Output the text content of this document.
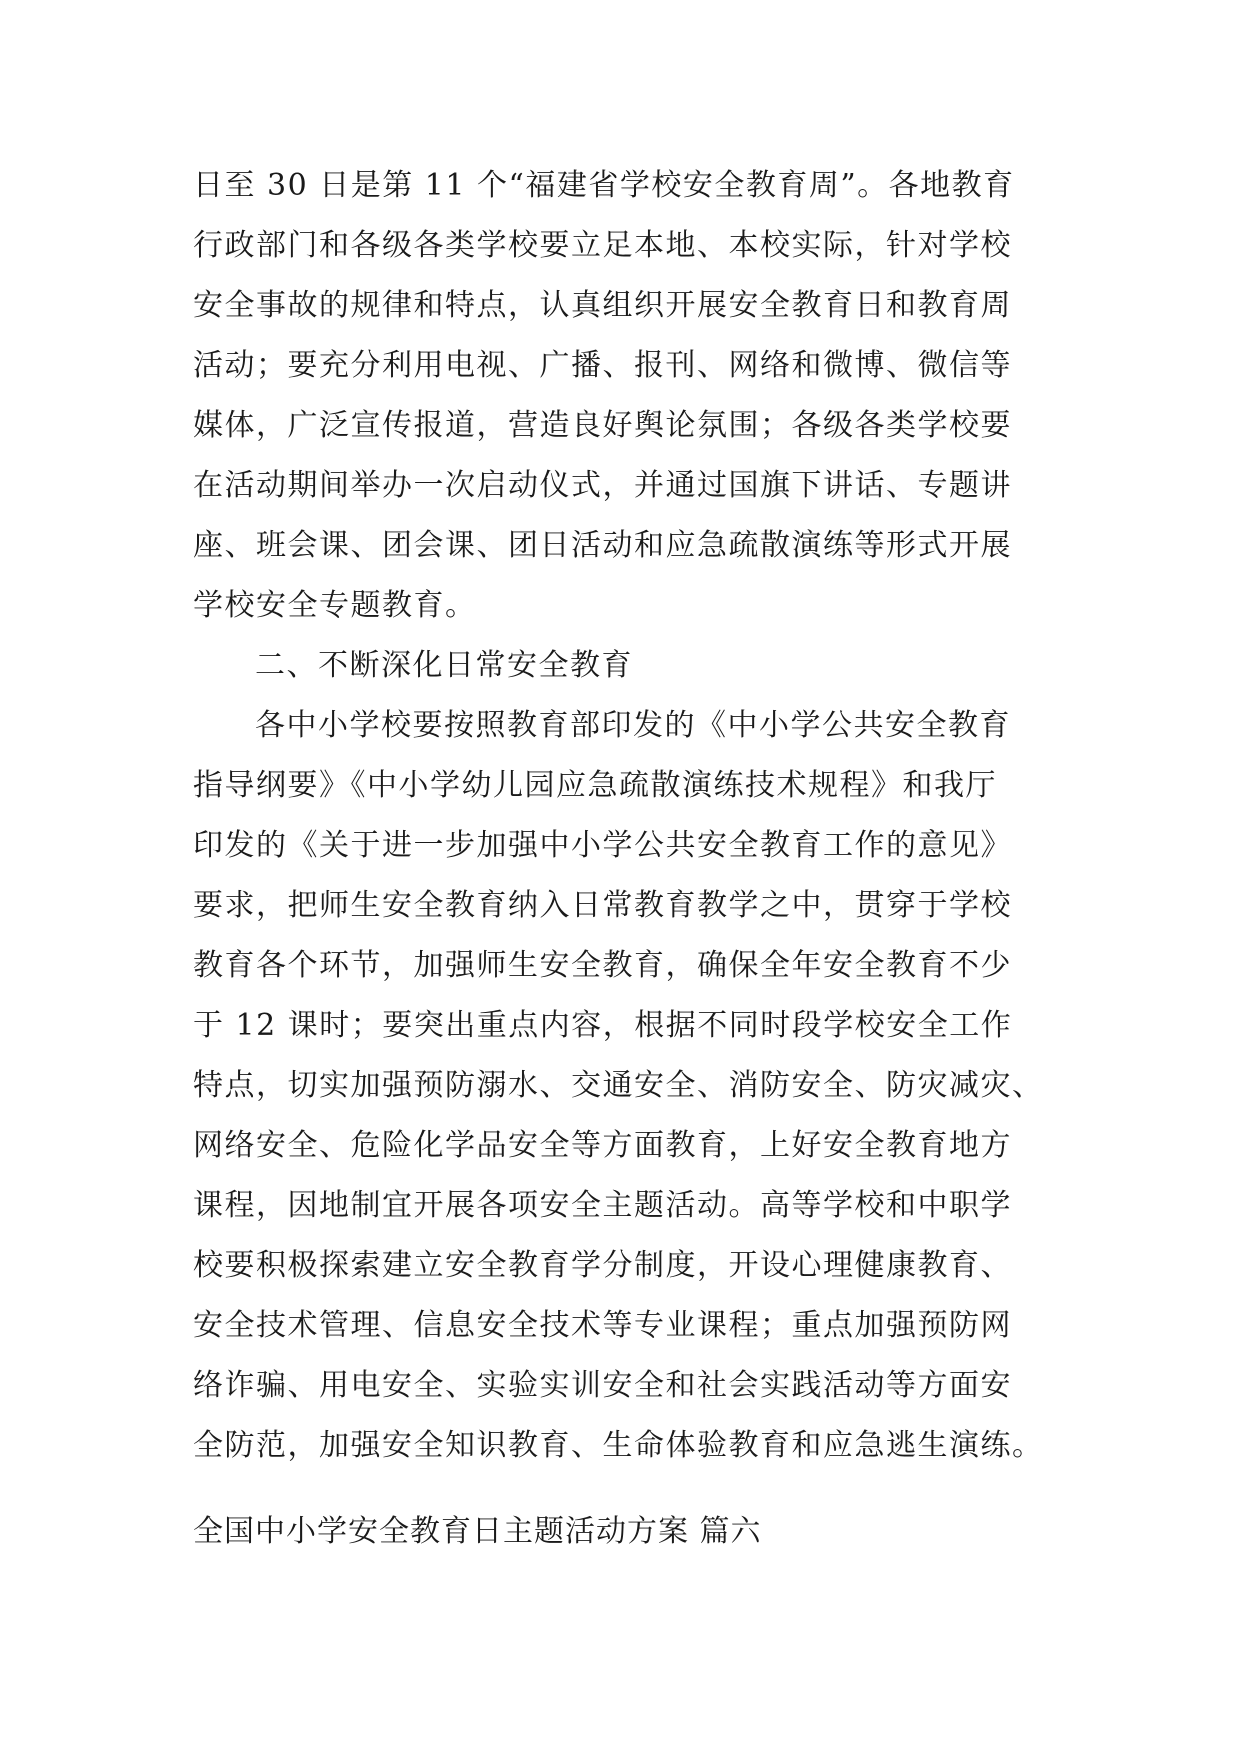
日至 30 日是第 11 个“福建省学校安全教育周”。各地教育
行政部门和各级各类学校要立足本地、本校实际，针对学校
安全事故的规律和特点，认真组织开展安全教育日和教育周
活动；要充分利用电视、广播、报刊、网络和微博、微信等
媒体，广泛宣传报道，营造良好舆论氛围；各级各类学校要
在活动期间举办一次启动仪式，并通过国旗下讲话、专题讲
座、班会课、团会课、团日活动和应急疏散演练等形式开展
学校安全专题教育。
二、不断深化日常安全教育
各中小学校要按照教育部印发的《中小学公共安全教育
指导纲要》《中小学幼儿园应急疏散演练技术规程》和我厅
印发的《关于进一步加强中小学公共安全教育工作的意见》
要求，把师生安全教育纳入日常教育教学之中，贯穿于学校
教育各个环节，加强师生安全教育，确保全年安全教育不少
于 12 课时；要突出重点内容，根据不同时段学校安全工作
特点，切实加强预防溺水、交通安全、消防安全、防灾减灾、
网络安全、危险化学品安全等方面教育，上好安全教育地方
课程，因地制宜开展各项安全主题活动。高等学校和中职学
校要积极探索建立安全教育学分制度，开设心理健康教育、
安全技术管理、信息安全技术等专业课程；重点加强预防网
络诈骗、用电安全、实验实训安全和社会实践活动等方面安
全防范，加强安全知识教育、生命体验教育和应急逃生演练。
全国中小学安全教育日主题活动方案 篇六
